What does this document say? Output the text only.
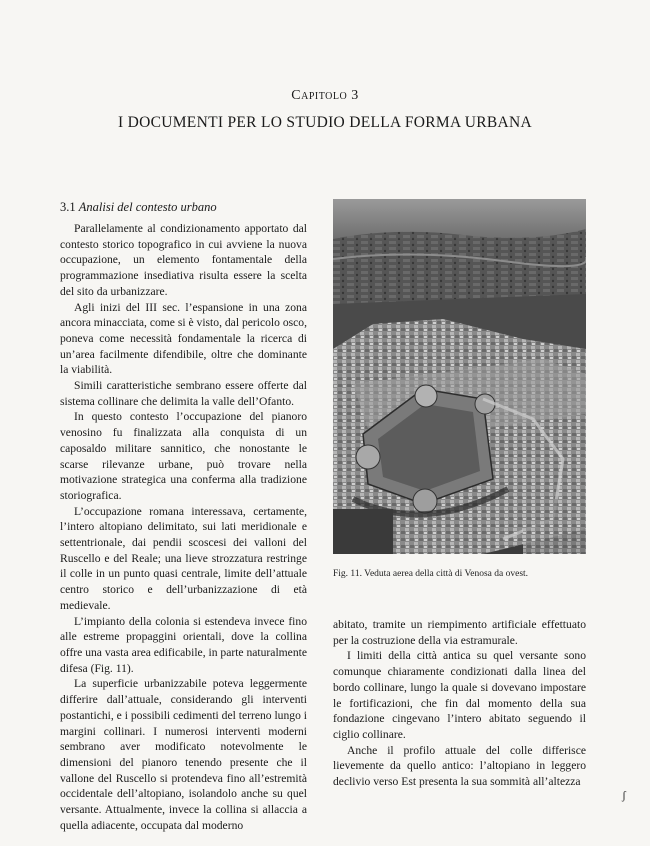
Capitolo 3
I DOCUMENTI PER LO STUDIO DELLA FORMA URBANA
3.1 Analisi del contesto urbano

Parallelamente al condizionamento apportato dal contesto storico topografico in cui avviene la nuova occupazione, un elemento fontamentale della programmazione insediativa risulta essere la scelta del sito da urbanizzare.

Agli inizi del III sec. l’espansione in una zona ancora minacciata, come si è visto, dal pericolo osco, poneva come necessità fondamentale la ricerca di un’area facilmente difendibile, oltre che dominante la viabilità.

Simili caratteristiche sembrano essere offerte dal sistema collinare che delimita la valle dell’Ofanto.

In questo contesto l’occupazione del pianoro venosino fu finalizzata alla conquista di un caposaldo militare sannitico, che nonostante le scarse rilevanze urbane, può trovare nella motivazione strategica una conferma alla tradizione storiografica.

L’occupazione romana interessava, certamente, l’intero altopiano delimitato, sui lati meridionale e settentrionale, dai pendii scoscesi dei valloni del Ruscello e del Reale; una lieve strozzatura restringe il colle in un punto quasi centrale, limite dell’attuale centro storico e dell’urbanizzazione di età medievale.

L’impianto della colonia si estendeva invece fino alle estreme propaggini orientali, dove la collina offre una vasta area edificabile, in parte naturalmente difesa (Fig. 11).

La superficie urbanizzabile poteva leggermente differire dall’attuale, considerando gli interventi postantichi, e i possibili cedimenti del terreno lungo i margini collinari. I numerosi interventi moderni sembrano aver modificato notevolmente le dimensioni del pianoro tenendo presente che il vallone del Ruscello si protendeva fino all’estremità occidentale dell’altopiano, isolandolo anche su quel versante. Attualmente, invece la collina si allaccia a quella adiacente, occupata dal moderno

Fig. 11. Veduta aerea della città di Venosa da ovest.

abitato, tramite un riempimento artificiale effettuato per la costruzione della via estramurale.

I limiti della città antica su quel versante sono comunque chiaramente condizionati dalla linea del bordo collinare, lungo la quale si dovevano impostare le fortificazioni, che fin dal momento della sua fondazione cingevano l’intero abitato seguendo il ciglio collinare.

Anche il profilo attuale del colle differisce lievemente da quello antico: l’altopiano in leggero declivio verso Est presenta la sua sommità all’altezza

ʃ
